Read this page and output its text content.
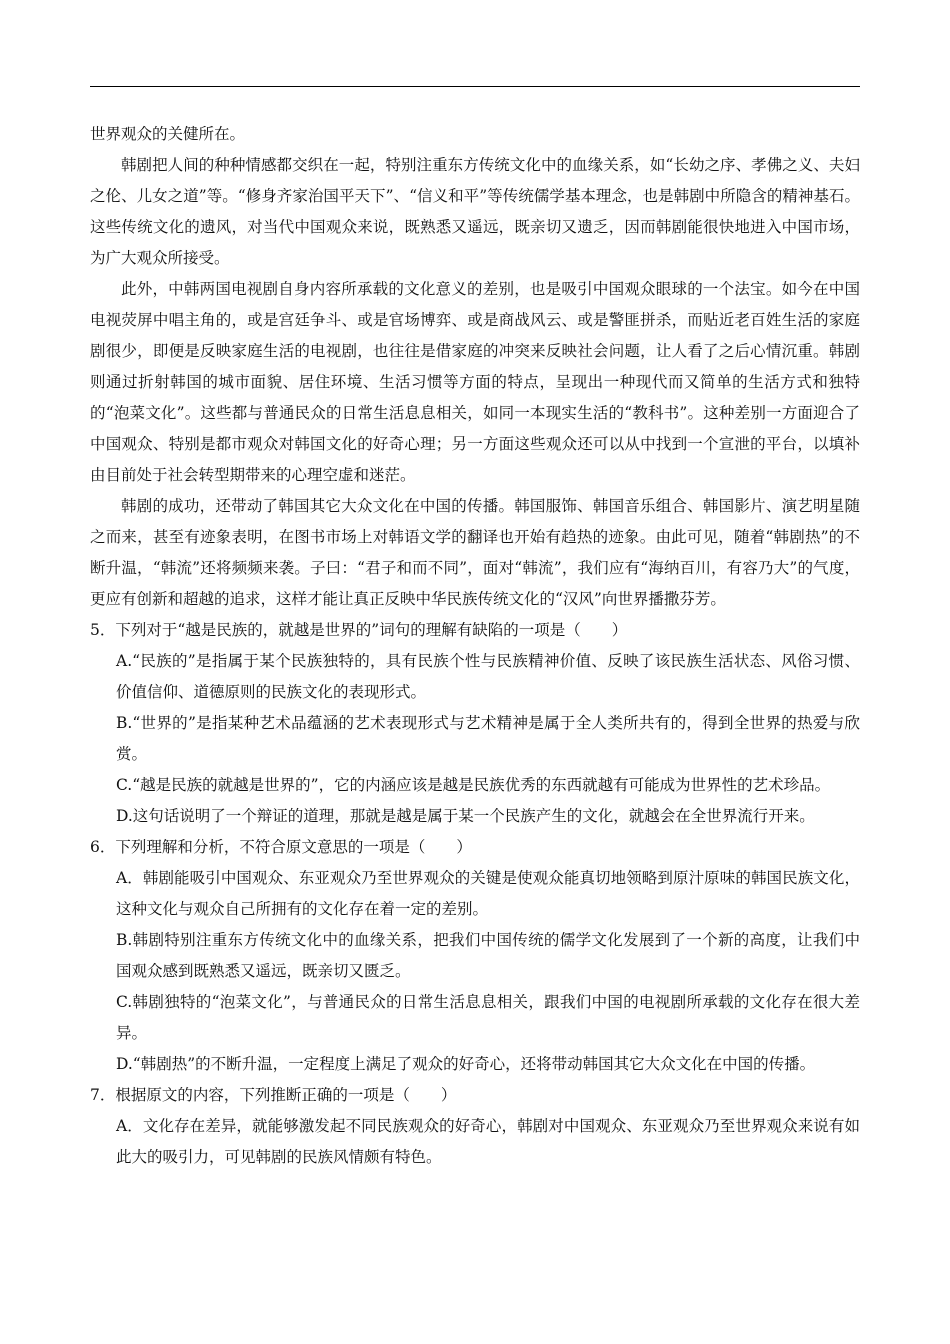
世界观众的关健所在。

韩剧把人间的种种情感都交织在一起，特别注重东方传统文化中的血缘关系，如“长幼之序、孝佛之义、夫妇之伦、儿女之道”等。“修身齐家治国平天下”、“信义和平”等传统儒学基本理念，也是韩剧中所隐含的精神基石。这些传统文化的遗风，对当代中国观众来说，既熟悉又遥远，既亲切又遗乏，因而韩剧能很快地进入中国市场，为广大观众所接受。

此外，中韩两国电视剧自身内容所承载的文化意义的差别，也是吸引中国观众眼球的一个法宝。如今在中国电视荧屏中唱主角的，或是宫廷争斗、或是官场博弈、或是商战风云、或是警匪拼杀，而贴近老百姓生活的家庭剧很少，即便是反映家庭生活的电视剧，也往往是借家庭的冲突来反映社会问题，让人看了之后心情沉重。韩剧则通过折射韩国的城市面貌、居住环境、生活习惯等方面的特点，呈现出一种现代而又简单的生活方式和独特的“泡菜文化”。这些都与普通民众的日常生活息息相关，如同一本现实生活的“教科书”。这种差别一方面迎合了中国观众、特别是都市观众对韩国文化的好奇心理；另一方面这些观众还可以从中找到一个宣泄的平台，以填补由目前处于社会转型期带来的心理空虚和迷茫。

韩剧的成功，还带动了韩国其它大众文化在中国的传播。韩国服饰、韩国音乐组合、韩国影片、演艺明星随之而来，甚至有迹象表明，在图书市场上对韩语文学的翻译也开始有趋热的迹象。由此可见，随着“韩剧热”的不断升温，“韩流”还将频频来袭。子曰：“君子和而不同”，面对“韩流”，我们应有“海纳百川，有容乃大”的气度，更应有创新和超越的追求，这样才能让真正反映中华民族传统文化的“汉风”向世界播撒芬芳。

5．下列对于“越是民族的，就越是世界的”词句的理解有缺陷的一项是（　　）

A.“民族的”是指属于某个民族独特的，具有民族个性与民族精神价值、反映了该民族生活状态、风俗习惯、价值信仰、道德原则的民族文化的表现形式。

B.“世界的”是指某种艺术品蕴涵的艺术表现形式与艺术精神是属于全人类所共有的，得到全世界的热爱与欣赏。

C.“越是民族的就越是世界的”，它的内涵应该是越是民族优秀的东西就越有可能成为世界性的艺术珍品。

D.这句话说明了一个辩证的道理，那就是越是属于某一个民族产生的文化，就越会在全世界流行开来。

6．下列理解和分析，不符合原文意思的一项是（　　）

A．韩剧能吸引中国观众、东亚观众乃至世界观众的关键是使观众能真切地领略到原汁原味的韩国民族文化，这种文化与观众自己所拥有的文化存在着一定的差别。

B.韩剧特别注重东方传统文化中的血缘关系，把我们中国传统的儒学文化发展到了一个新的高度，让我们中国观众感到既熟悉又遥远，既亲切又匮乏。

C.韩剧独特的“泡菜文化”，与普通民众的日常生活息息相关，跟我们中国的电视剧所承载的文化存在很大差异。

D.“韩剧热”的不断升温，一定程度上满足了观众的好奇心，还将带动韩国其它大众文化在中国的传播。

7．根据原文的内容，下列推断正确的一项是（　　）

A．文化存在差异，就能够激发起不同民族观众的好奇心，韩剧对中国观众、东亚观众乃至世界观众来说有如此大的吸引力，可见韩剧的民族风情颇有特色。
